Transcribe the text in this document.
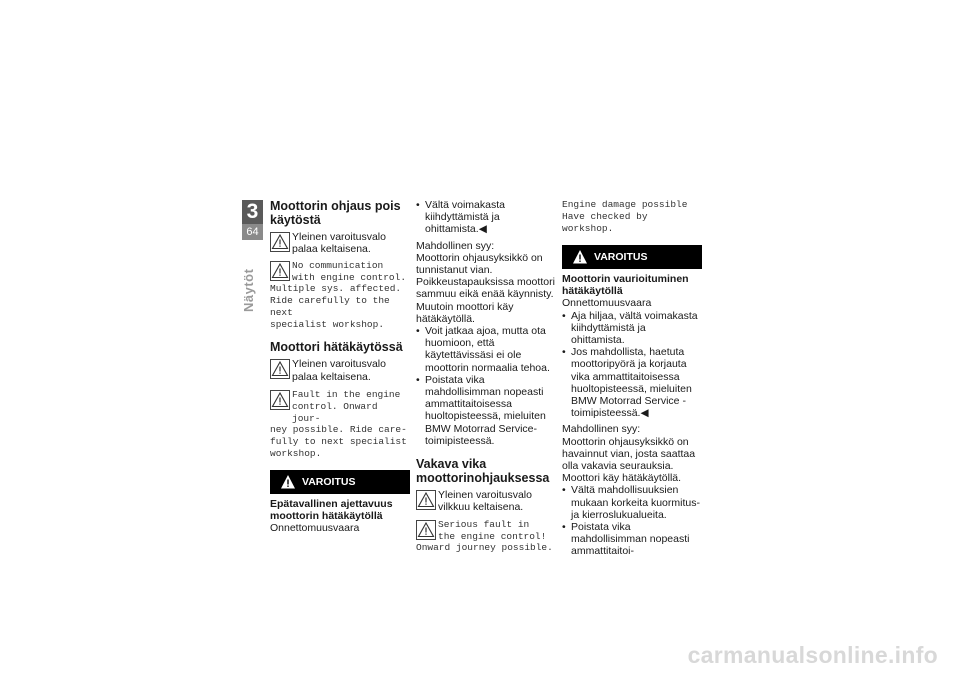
3
64
Näytöt
Moottorin ohjaus pois käytöstä
Yleinen varoitusvalo palaa keltaisena.
No communication
with engine control.
Multiple sys. affected.
Ride carefully to the next
specialist workshop.
Moottori hätäkäytössä
Yleinen varoitusvalo palaa keltaisena.
Fault in the engine
control. Onward jour-
ney possible. Ride care-
fully to next specialist
workshop.
VAROITUS
Epätavallinen ajettavuus moottorin hätäkäytöllä
Onnettomuusvaara
• Vältä voimakasta kiihdyttämistä ja ohittamista.◀
Mahdollinen syy:
Moottorin ohjausyksikkö on tunnistanut vian. Poikkeustapauksissa moottori sammuu eikä enää käynnisty. Muutoin moottori käy hätäkäytöllä.
• Voit jatkaa ajoa, mutta ota huomioon, että käytettävissäsi ei ole moottorin normaalia tehoa.
• Poistata vika mahdollisimman nopeasti ammattitaitoisessa huoltopisteessä, mieluiten BMW Motorrad Service-toimipisteessä.
Vakava vika moottorinohjauksessa
Yleinen varoitusvalo vilkkuu keltaisena.
Serious fault in
the engine control!
Onward journey possible.
Engine damage possible
Have checked by workshop.
VAROITUS
Moottorin vaurioituminen hätäkäytöllä
Onnettomuusvaara
• Aja hiljaa, vältä voimakasta kiihdyttämistä ja ohittamista.
• Jos mahdollista, haetuta moottoripyörä ja korjauta vika ammattitaitoisessa huoltopisteessä, mieluiten BMW Motorrad Service -toimipisteessä.◀
Mahdollinen syy:
Moottorin ohjausyksikkö on havainnut vian, josta saattaa olla vakavia seurauksia. Moottori käy hätäkäytöllä.
• Vältä mahdollisuuksien mukaan korkeita kuormitus- ja kierroslukualueita.
• Poistata vika mahdollisimman nopeasti ammattitaitoi-
carmanualsonline.info
